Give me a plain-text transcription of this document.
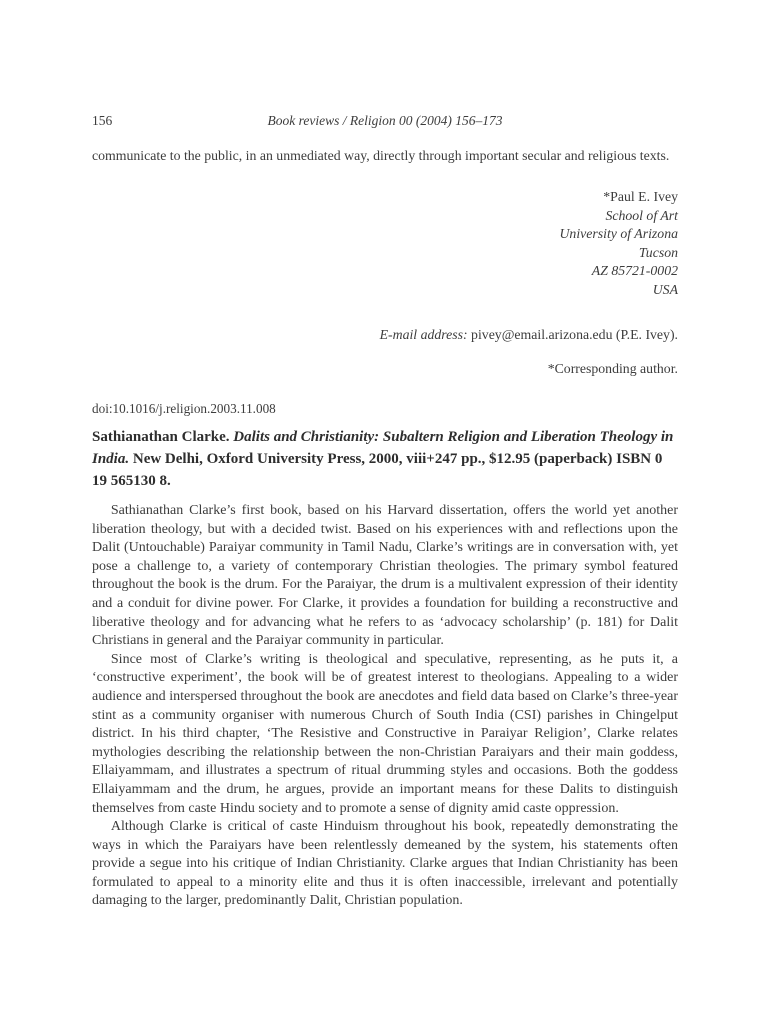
156	Book reviews / Religion 00 (2004) 156–173

communicate to the public, in an unmediated way, directly through important secular and religious texts.

*Paul E. Ivey
School of Art
University of Arizona
Tucson
AZ 85721-0002
USA

E-mail address: pivey@email.arizona.edu (P.E. Ivey).

*Corresponding author.

doi:10.1016/j.religion.2003.11.008

Sathianathan Clarke. Dalits and Christianity: Subaltern Religion and Liberation Theology in India. New Delhi, Oxford University Press, 2000, viii+247 pp., $12.95 (paperback) ISBN 0 19 565130 8.

Sathianathan Clarke’s first book, based on his Harvard dissertation, offers the world yet another liberation theology, but with a decided twist. Based on his experiences with and reflections upon the Dalit (Untouchable) Paraiyar community in Tamil Nadu, Clarke’s writings are in conversation with, yet pose a challenge to, a variety of contemporary Christian theologies. The primary symbol featured throughout the book is the drum. For the Paraiyar, the drum is a multivalent expression of their identity and a conduit for divine power. For Clarke, it provides a foundation for building a reconstructive and liberative theology and for advancing what he refers to as ‘advocacy scholarship’ (p. 181) for Dalit Christians in general and the Paraiyar community in particular.

Since most of Clarke’s writing is theological and speculative, representing, as he puts it, a ‘constructive experiment’, the book will be of greatest interest to theologians. Appealing to a wider audience and interspersed throughout the book are anecdotes and field data based on Clarke’s three-year stint as a community organiser with numerous Church of South India (CSI) parishes in Chingelput district. In his third chapter, ‘The Resistive and Constructive in Paraiyar Religion’, Clarke relates mythologies describing the relationship between the non-Christian Paraiyars and their main goddess, Ellaiyammam, and illustrates a spectrum of ritual drumming styles and occasions. Both the goddess Ellaiyammam and the drum, he argues, provide an important means for these Dalits to distinguish themselves from caste Hindu society and to promote a sense of dignity amid caste oppression.

Although Clarke is critical of caste Hinduism throughout his book, repeatedly demonstrating the ways in which the Paraiyars have been relentlessly demeaned by the system, his statements often provide a segue into his critique of Indian Christianity. Clarke argues that Indian Christianity has been formulated to appeal to a minority elite and thus it is often inaccessible, irrelevant and potentially damaging to the larger, predominantly Dalit, Christian population.
